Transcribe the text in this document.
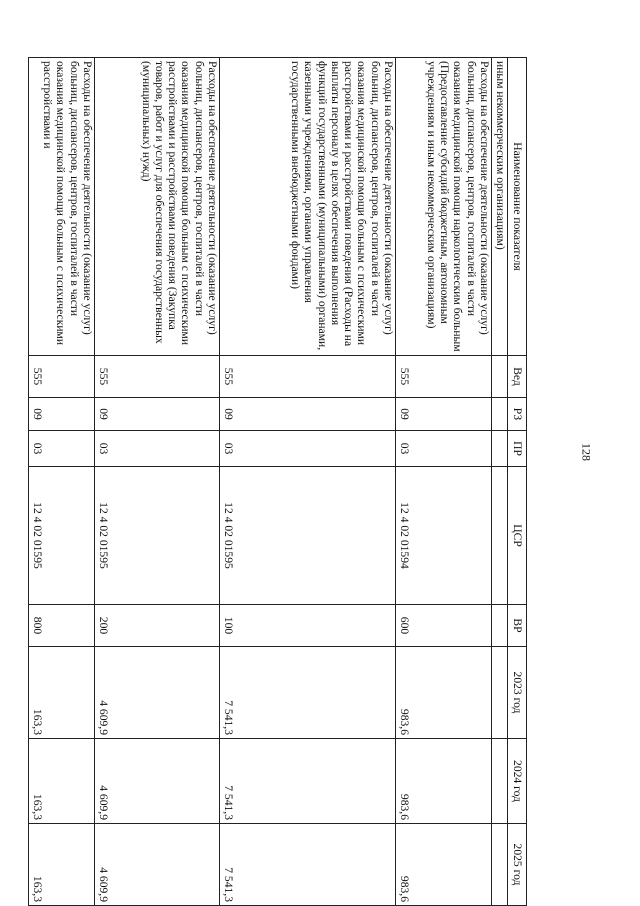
128
Наименование показателя	Вед	РЗ	ПР	ЦСР	ВР	2023 год	2024 год	2025 год
иным некоммерческим организациям)								
Расходы на обеспечение деятельности (оказание услуг) больниц, диспансеров, центров, госпиталей в части оказания медицинской помощи наркологическим больным (Предоставление субсидий бюджетным, автономным учреждениям и иным некоммерческим организациям)	555	09	03	12 4 02 01594	600	983,6	983,6	983,6
Расходы на обеспечение деятельности (оказание услуг) больниц, диспансеров, центров, госпиталей в части оказания медицинской помощи больным с психическими расстройствами и расстройствами поведения (Расходы на выплаты персоналу в целях обеспечения выполнения функций государственными (муниципальными) органами, казенными учреждениями, органами управления государственными внебюджетными фондами)	555	09	03	12 4 02 01595	100	7 541,3	7 541,3	7 541,3
Расходы на обеспечение деятельности (оказание услуг) больниц, диспансеров, центров, госпиталей в части оказания медицинской помощи больным с психическими расстройствами и расстройствами поведения (Закупка товаров, работ и услуг для обеспечения государственных (муниципальных) нужд)	555	09	03	12 4 02 01595	200	4 609,9	4 609,9	4 609,9
Расходы на обеспечение деятельности (оказание услуг) больниц, диспансеров, центров, госпиталей в части оказания медицинской помощи больным с психическими расстройствами и	555	09	03	12 4 02 01595	800	163,3	163,3	163,3
